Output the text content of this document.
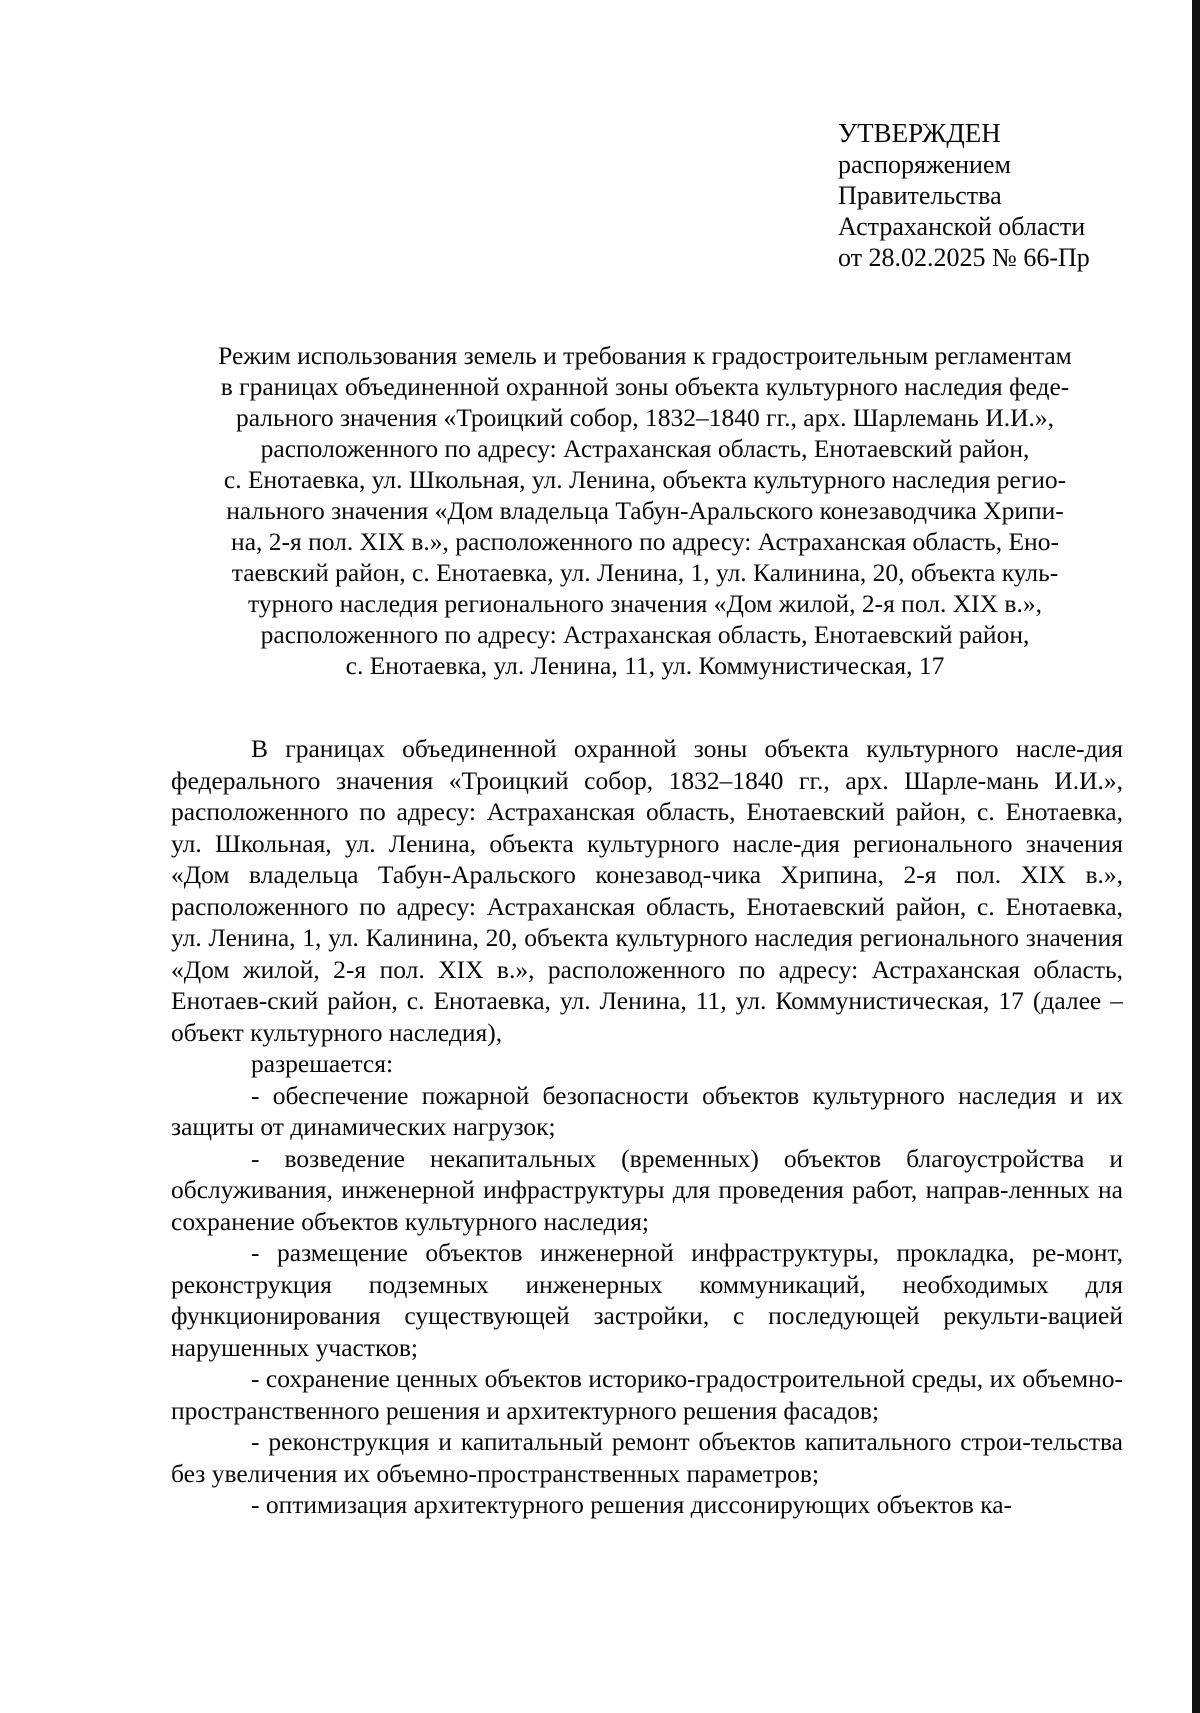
УТВЕРЖДЕН
распоряжением
Правительства
Астраханской области
от 28.02.2025 № 66-Пр
Режим использования земель и требования к градостроительным регламентам
в границах объединенной охранной зоны объекта культурного наследия феде-
рального значения «Троицкий собор, 1832–1840 гг., арх. Шарлемань И.И.»,
расположенного по адресу: Астраханская область, Енотаевский район,
с. Енотаевка, ул. Школьная, ул. Ленина, объекта культурного наследия регио-
нального значения «Дом владельца Табун-Аральского конезаводчика Хрипи-
на, 2-я пол. XIX в.», расположенного по адресу: Астраханская область, Ено-
таевский район, с. Енотаевка, ул. Ленина, 1, ул. Калинина, 20, объекта куль-
турного наследия регионального значения «Дом жилой, 2-я пол. XIX в.»,
расположенного по адресу: Астраханская область, Енотаевский район,
с. Енотаевка, ул. Ленина, 11, ул. Коммунистическая, 17

В границах объединенной охранной зоны объекта культурного насле-дия федерального значения «Троицкий собор, 1832–1840 гг., арх. Шарле-мань И.И.», расположенного по адресу: Астраханская область, Енотаевский район, с. Енотаевка, ул. Школьная, ул. Ленина, объекта культурного насле-дия регионального значения «Дом владельца Табун-Аральского конезавод-чика Хрипина, 2-я пол. XIX в.», расположенного по адресу: Астраханская область, Енотаевский район, с. Енотаевка, ул. Ленина, 1, ул. Калинина, 20, объекта культурного наследия регионального значения «Дом жилой, 2-я пол. XIX в.», расположенного по адресу: Астраханская область, Енотаев-ский район, с. Енотаевка, ул. Ленина, 11, ул. Коммунистическая, 17 (далее – объект культурного наследия),

разрешается:

- обеспечение пожарной безопасности объектов культурного наследия и их защиты от динамических нагрузок;

- возведение некапитальных (временных) объектов благоустройства и обслуживания, инженерной инфраструктуры для проведения работ, направ-ленных на сохранение объектов культурного наследия;

- размещение объектов инженерной инфраструктуры, прокладка, ре-монт, реконструкция подземных инженерных коммуникаций, необходимых для функционирования существующей застройки, с последующей рекульти-вацией нарушенных участков;

- сохранение ценных объектов историко-градостроительной среды, их объемно-пространственного решения и архитектурного решения фасадов;

- реконструкция и капитальный ремонт объектов капитального строи-тельства без увеличения их объемно-пространственных параметров;

- оптимизация архитектурного решения диссонирующих объектов ка-
